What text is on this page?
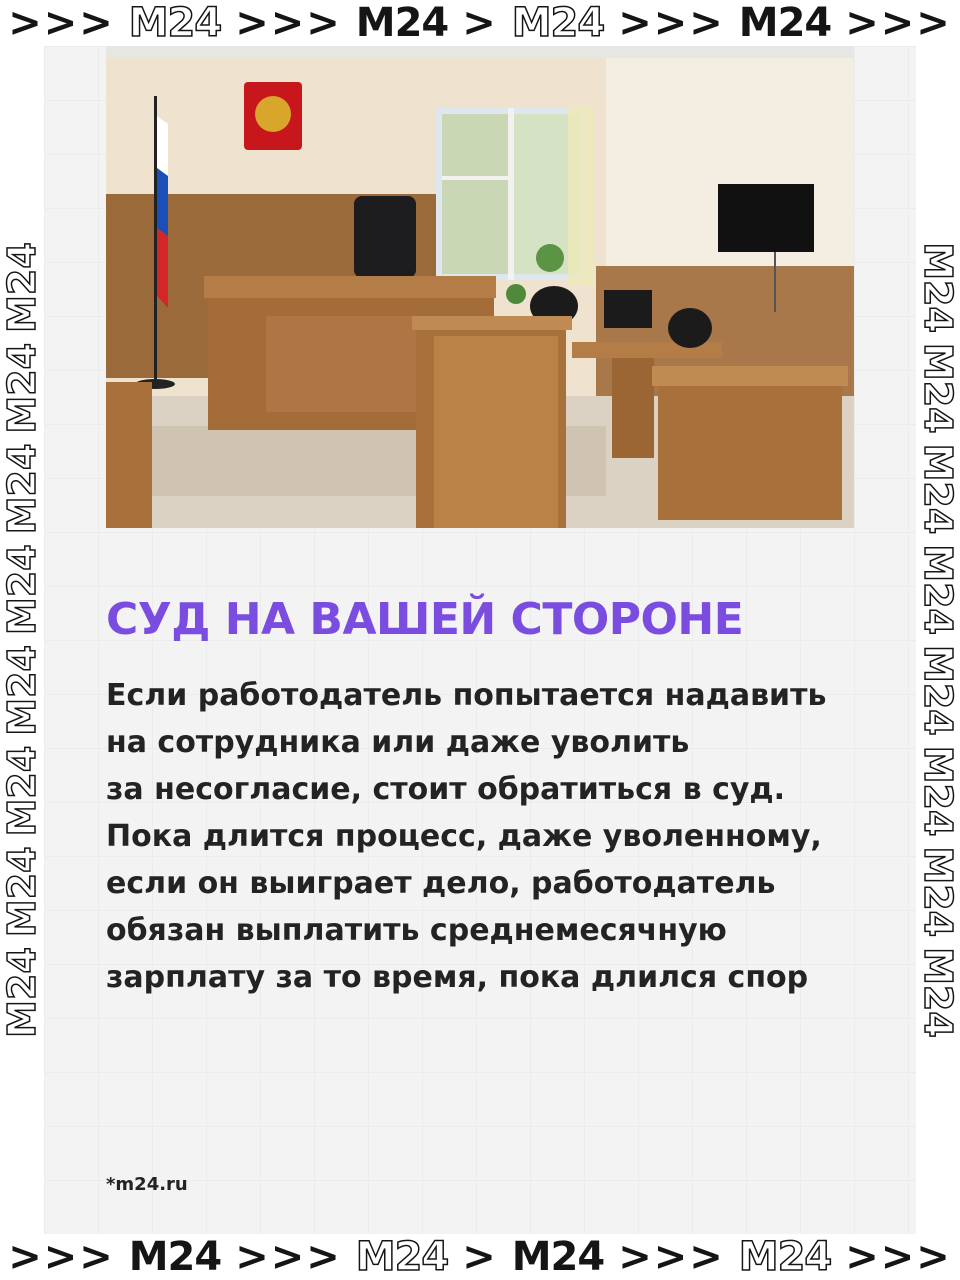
>>> M24 >>> M24 > M24 >>> M24 >>>
>>> M24 >>> M24 > M24 >>> M24 >>>
M24
M24
M24
M24
M24
M24
M24
M24	M24
M24
M24
M24
M24
M24
M24
M24
СУД НА ВАШЕЙ СТОРОНЕ

Если работодатель попытается надавить
на сотрудника или даже уволить
за несогласие, стоит обратиться в суд.
Пока длится процесс, даже уволенному,
если он выиграет дело, работодатель
обязан выплатить среднемесячную
зарплату за то время, пока длился спор

*m24.ru
